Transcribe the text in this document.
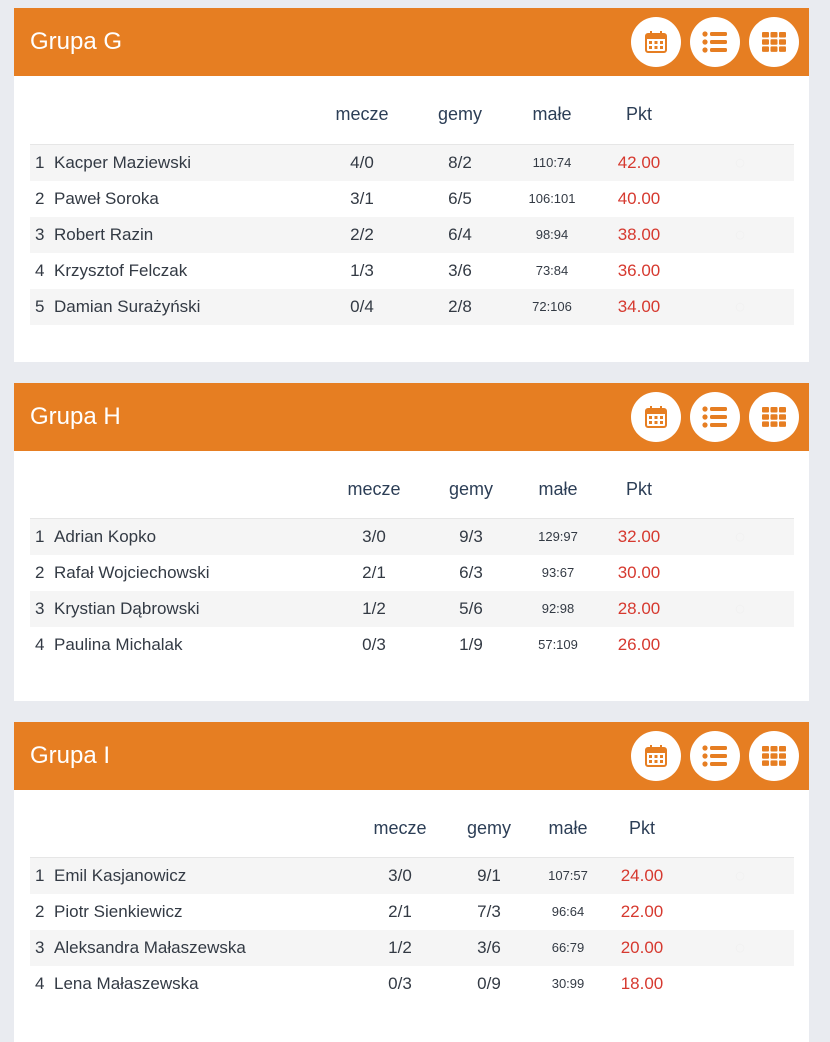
Grupa G
mecze	gemy	małe	Pkt
1 Kacper Maziewski	4/0	8/2	110:74	42.00	○
2 Paweł Soroka	3/1	6/5	106:101	40.00
3 Robert Razin	2/2	6/4	98:94	38.00	○
4 Krzysztof Felczak	1/3	3/6	73:84	36.00
5 Damian Surażyński	0/4	2/8	72:106	34.00	○
Grupa H
mecze	gemy	małe	Pkt
1 Adrian Kopko	3/0	9/3	129:97	32.00	○
2 Rafał Wojciechowski	2/1	6/3	93:67	30.00
3 Krystian Dąbrowski	1/2	5/6	92:98	28.00	○
4 Paulina Michalak	0/3	1/9	57:109	26.00
Grupa I
mecze	gemy	małe	Pkt
1 Emil Kasjanowicz	3/0	9/1	107:57	24.00	○
2 Piotr Sienkiewicz	2/1	7/3	96:64	22.00
3 Aleksandra Małaszewska	1/2	3/6	66:79	20.00	○
4 Lena Małaszewska	0/3	0/9	30:99	18.00
